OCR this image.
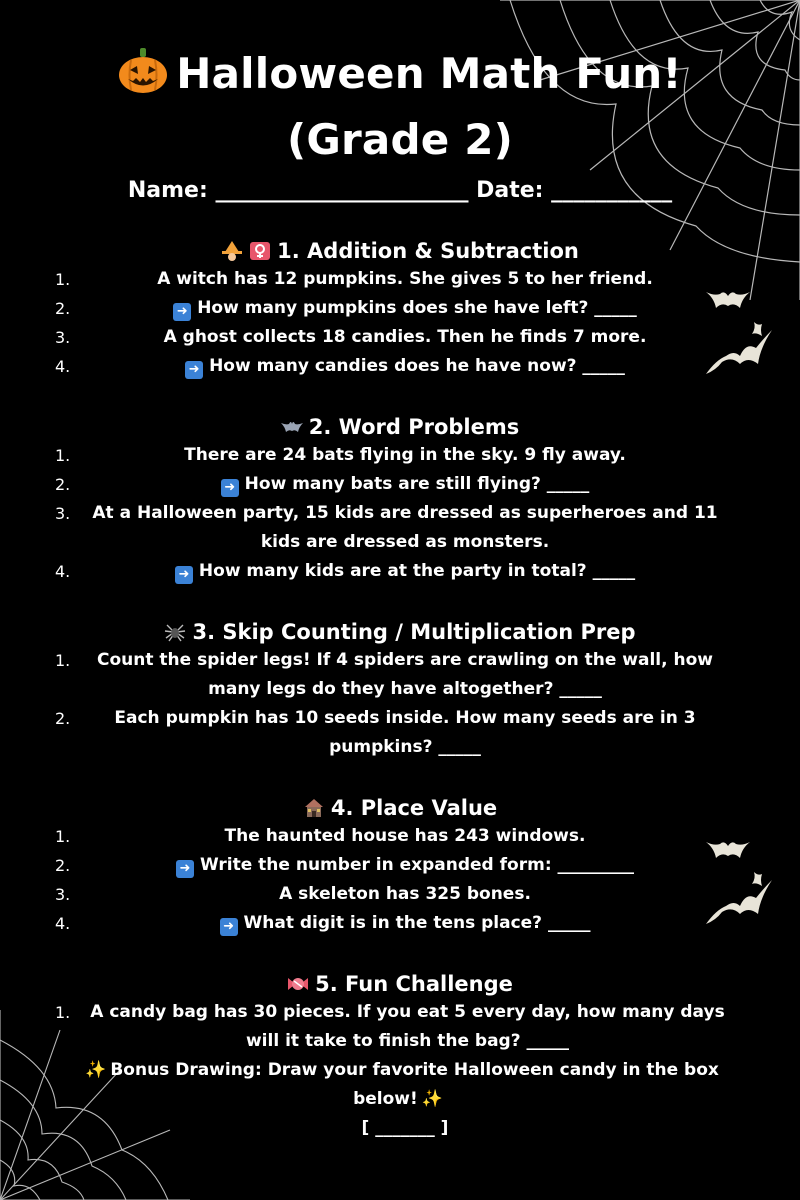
Halloween Math Fun!
(Grade 2)
Name: _______________________ Date: ___________
1. Addition & Subtraction
1.	A witch has 12 pumpkins. She gives 5 to her friend.
2.	➜ How many pumpkins does she have left? _____
3.	A ghost collects 18 candies. Then he finds 7 more.
4.	➜ How many candies does he have now? _____
2. Word Problems
1.	There are 24 bats flying in the sky. 9 fly away.
2.	➜ How many bats are still flying? _____
3. At a Halloween party, 15 kids are dressed as superheroes and 11 kids are dressed as monsters.
4.	➜ How many kids are at the party in total? _____
3. Skip Counting / Multiplication Prep
1. Count the spider legs! If 4 spiders are crawling on the wall, how many legs do they have altogether? _____
2.	Each pumpkin has 10 seeds inside. How many seeds are in 3 pumpkins? _____
4. Place Value
1.	The haunted house has 243 windows.
2.	➜ Write the number in expanded form: _________
3.	A skeleton has 325 bones.
4.	➜ What digit is in the tens place? _____
5. Fun Challenge
1. A candy bag has 30 pieces. If you eat 5 every day, how many days will it take to finish the bag? _____
✨ Bonus Drawing: Draw your favorite Halloween candy in the box below! ✨
[ _______ ]
